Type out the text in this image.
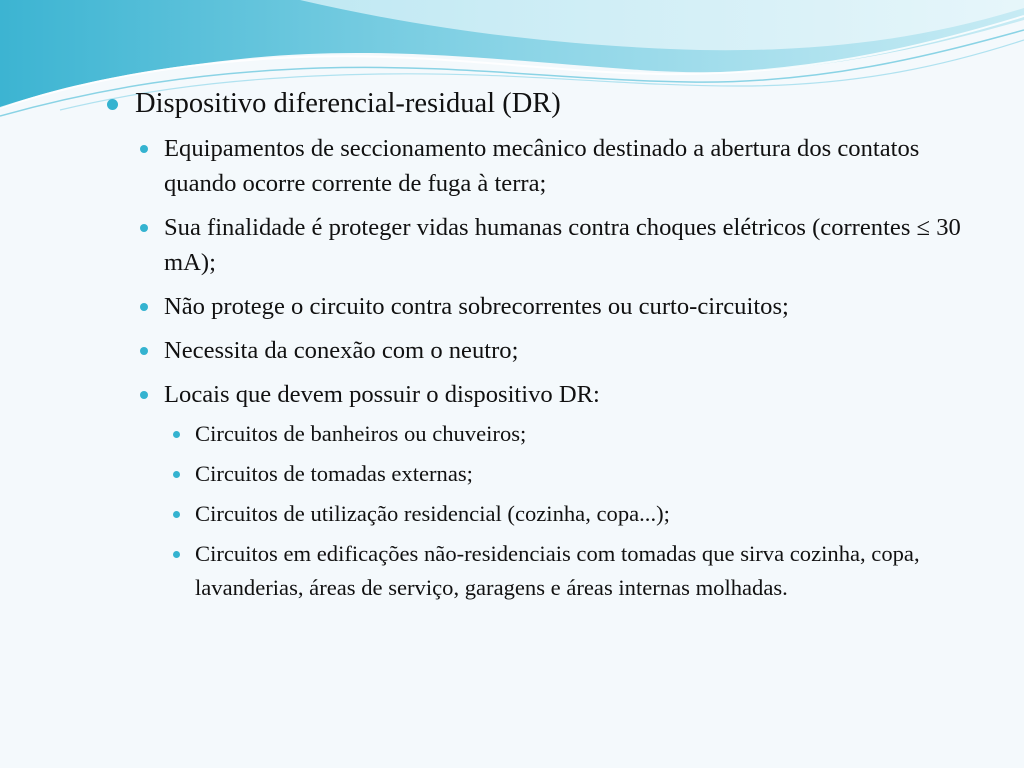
Dispositivo diferencial-residual (DR)
Equipamentos de seccionamento mecânico destinado a abertura dos contatos quando ocorre corrente de fuga à terra;
Sua finalidade é proteger vidas humanas contra choques elétricos (correntes ≤ 30 mA);
Não protege o circuito contra sobrecorrentes ou curto-circuitos;
Necessita da conexão com o neutro;
Locais que devem possuir o dispositivo DR:
Circuitos de banheiros ou chuveiros;
Circuitos de tomadas externas;
Circuitos de utilização residencial (cozinha, copa...);
Circuitos em edificações não-residenciais com tomadas que sirva cozinha, copa, lavanderias, áreas de serviço, garagens e áreas internas molhadas.
